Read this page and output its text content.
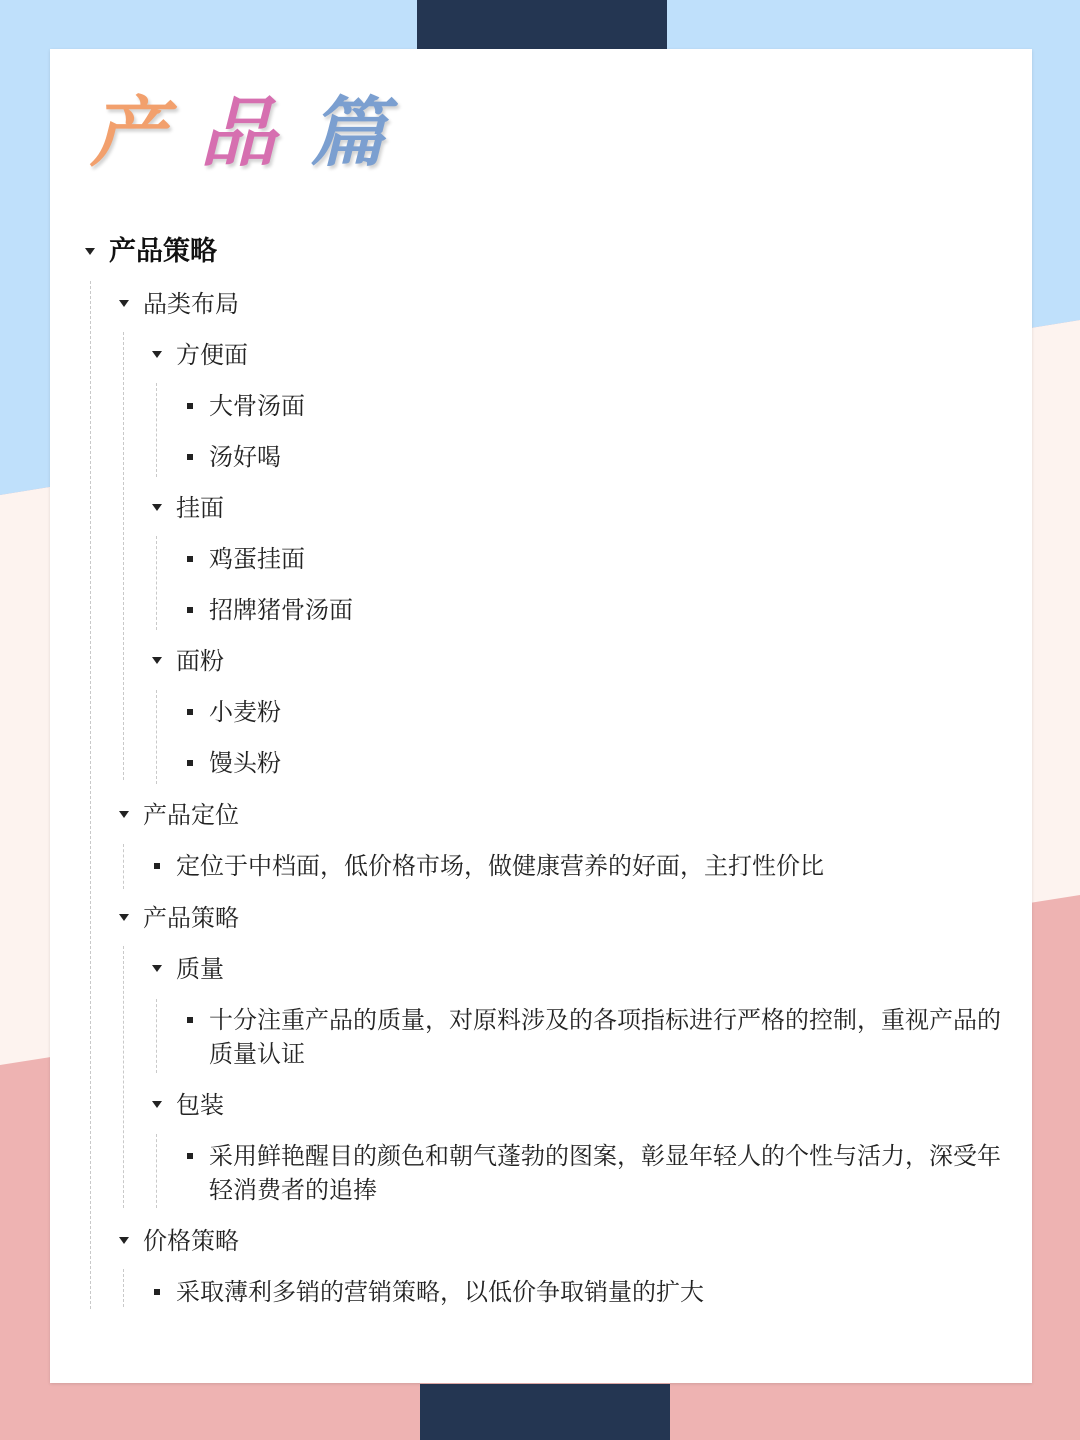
产 品 篇
产品策略
品类布局
方便面
大骨汤面
汤好喝
挂面
鸡蛋挂面
招牌猪骨汤面
面粉
小麦粉
馒头粉
产品定位
定位于中档面，低价格市场，做健康营养的好面，主打性价比
产品策略
质量
十分注重产品的质量，对原料涉及的各项指标进行严格的控制，重视产品的质量认证
包装
采用鲜艳醒目的颜色和朝气蓬勃的图案，彰显年轻人的个性与活力，深受年轻消费者的追捧
价格策略
采取薄利多销的营销策略，以低价争取销量的扩大
